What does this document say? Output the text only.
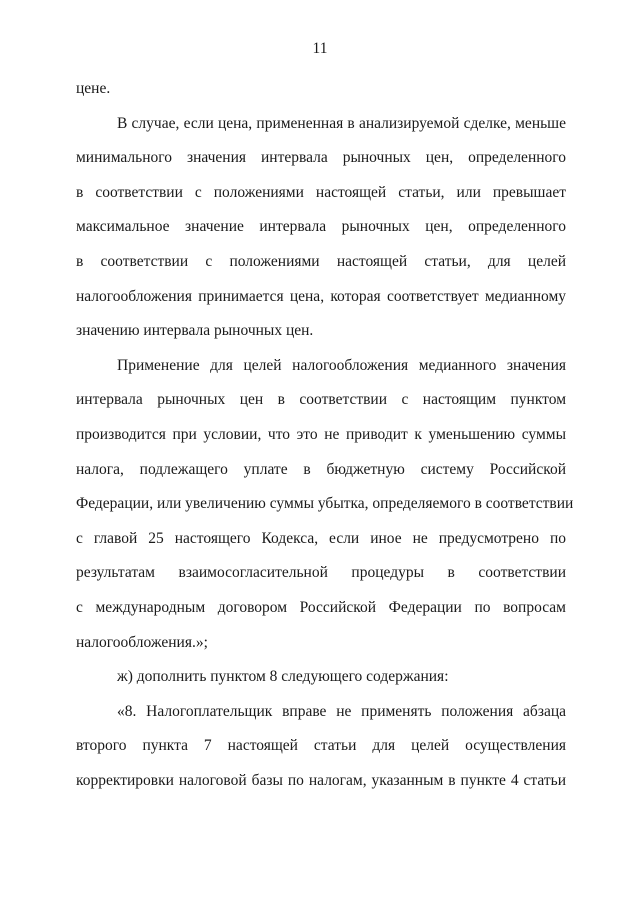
11
цене.
В случае, если цена, примененная в анализируемой сделке, меньше
минимального значения интервала рыночных цен, определенного
в соответствии с положениями настоящей статьи, или превышает
максимальное значение интервала рыночных цен, определенного
в соответствии с положениями настоящей статьи, для целей
налогообложения принимается цена, которая соответствует медианному
значению интервала рыночных цен.
Применение для целей налогообложения медианного значения
интервала рыночных цен в соответствии с настоящим пунктом
производится при условии, что это не приводит к уменьшению суммы
налога, подлежащего уплате в бюджетную систему Российской
Федерации, или увеличению суммы убытка, определяемого в соответствии
с главой 25 настоящего Кодекса, если иное не предусмотрено по
результатам взаимосогласительной процедуры в соответствии
с международным договором Российской Федерации по вопросам
налогообложения.»;
ж) дополнить пунктом 8 следующего содержания:
«8. Налогоплательщик вправе не применять положения абзаца
второго пункта 7 настоящей статьи для целей осуществления
корректировки налоговой базы по налогам, указанным в пункте 4 статьи
